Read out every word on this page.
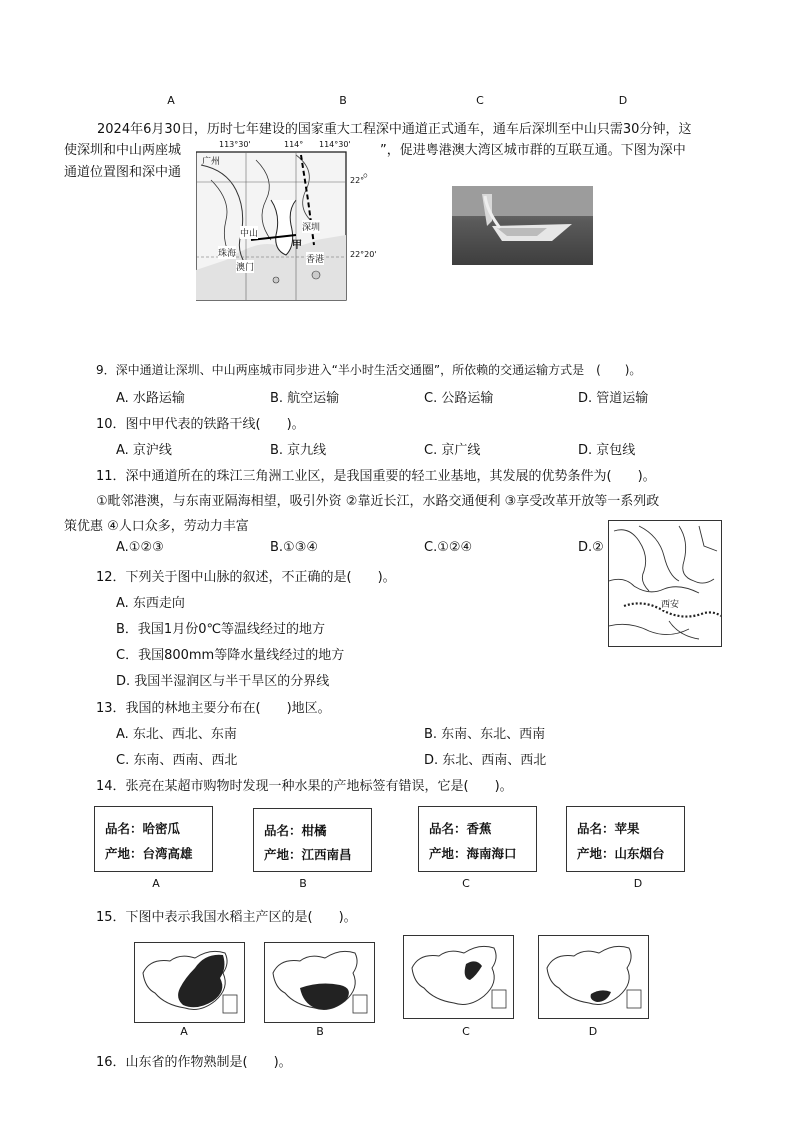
A	B	C	D
2024年6月30日，历时七年建设的国家重大工程深中通道正式通车，通车后深圳至中山只需30分钟，这
使深圳和中山两座城	”，促进粤港澳大湾区城市群的互联互通。下图为深中
通道位置图和深中通	。
113°30'	114° 114°30'
22°
22°20'
广州
深圳
中山
香港
澳门
珠海
甲
9．深中通道让深圳、中山两座城市同步进入“半小时生活交通圈”，所依赖的交通运输方式是　(　　)。
A. 水路运输	B. 航空运输	C. 公路运输	D. 管道运输
10．图中甲代表的铁路干线(　　)。
A. 京沪线	B. 京九线	C. 京广线	D. 京包线
11．深中通道所在的珠江三角洲工业区，是我国重要的轻工业基地，其发展的优势条件为(　　)。
①毗邻港澳，与东南亚隔海相望，吸引外资 ②靠近长江，水路交通便利 ③享受改革开放等一系列政
策优惠 ④人口众多，劳动力丰富
A.①②③	B.①③④	C.①②④	D.②
西安
12．下列关于图中山脉的叙述，不正确的是(　　)。
A. 东西走向
B．我国1月份0℃等温线经过的地方
C．我国800mm等降水量线经过的地方
D. 我国半湿润区与半干旱区的分界线
13．我国的林地主要分布在(　　)地区。
A. 东北、西北、东南	B. 东南、东北、西南
C. 东南、西南、西北	D. 东北、西南、西北
14．张亮在某超市购物时发现一种水果的产地标签有错误，它是(　　)。
品名：哈密瓜
产地：台湾高雄
品名：柑橘
产地：江西南昌
品名：香蕉
产地：海南海口
品名：苹果
产地：山东烟台
A	B	C	D
15．下图中表示我国水稻主产区的是(　　)。
A	B	C	D
16．山东省的作物熟制是(　　)。
